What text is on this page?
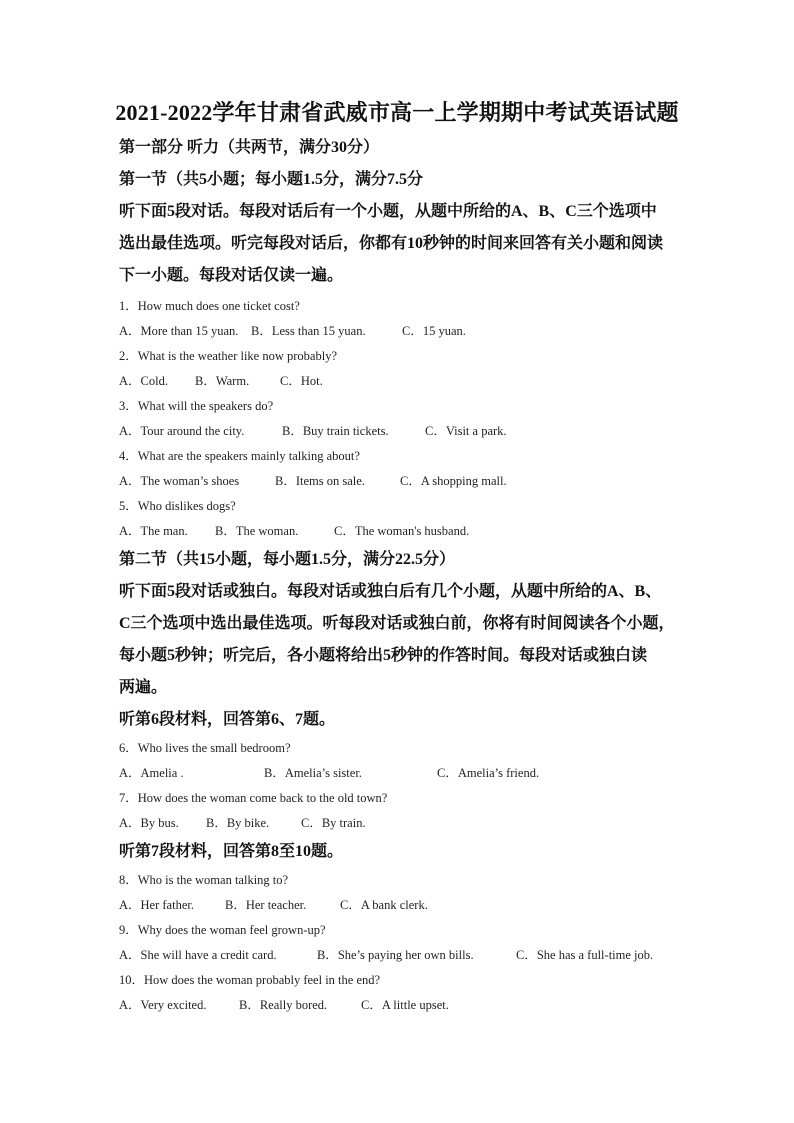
2021-2022学年甘肃省武威市高一上学期期中考试英语试题
第一部分 听力（共两节，满分30分）
第一节（共5小题；每小题1.5分，满分7.5分
听下面5段对话。每段对话后有一个小题，从题中所给的A、B、C三个选项中
选出最佳选项。听完每段对话后，你都有10秒钟的时间来回答有关小题和阅读
下一小题。每段对话仅读一遍。
1．How much does one ticket cost?
A．More than 15 yuan. B．Less than 15 yuan.	C．15 yuan.
2．What is the weather like now probably?
A．Cold. B．Warm. C．Hot.
3．What will the speakers do?
A．Tour around the city.	B．Buy train tickets.	C．Visit a park.
4．What are the speakers mainly talking about?
A．The woman’s shoes	B．Items on sale.	C．A shopping mall.
5．Who dislikes dogs?
A．The man. B．The woman.	C．The woman's husband.
第二节（共15小题，每小题1.5分，满分22.5分）
听下面5段对话或独白。每段对话或独白后有几个小题，从题中所给的A、B、
C三个选项中选出最佳选项。听每段对话或独白前，你将有时间阅读各个小题，
每小题5秒钟；听完后，各小题将给出5秒钟的作答时间。每段对话或独白读
两遍。
听第6段材料，回答第6、7题。
6．Who lives the small bedroom?
A．Amelia .	B．Amelia’s sister.	C．Amelia’s friend.
7．How does the woman come back to the old town?
A．By bus. B．By bike.	C．By train.
听第7段材料，回答第8至10题。
8．Who is the woman talking to?
A．Her father. B．Her teacher.	C．A bank clerk.
9．Why does the woman feel grown-up?
A．She will have a credit card.	B．She’s paying her own bills.	C．She has a full-time job.
10．How does the woman probably feel in the end?
A．Very excited.	B．Really bored.	C．A little upset.
